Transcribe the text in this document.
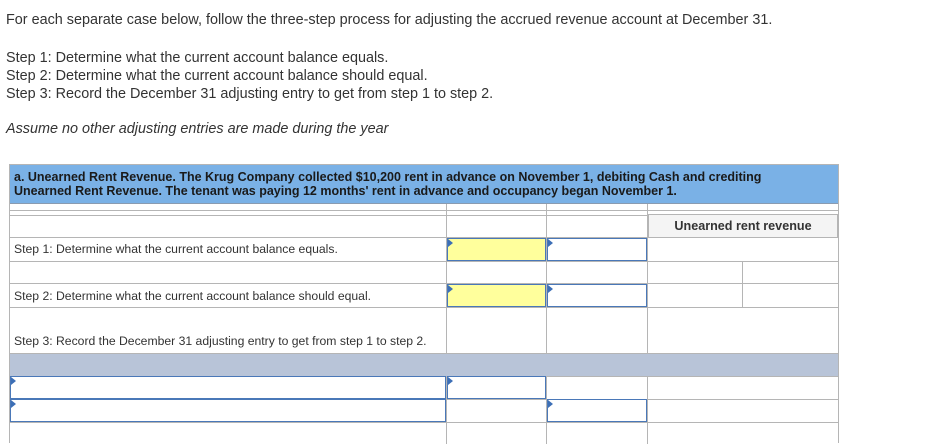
For each separate case below, follow the three-step process for adjusting the accrued revenue account at December 31.

Step 1: Determine what the current account balance equals.

Step 2: Determine what the current account balance should equal.

Step 3: Record the December 31 adjusting entry to get from step 1 to step 2.

Assume no other adjusting entries are made during the year

a. Unearned Rent Revenue. The Krug Company collected $10,200 rent in advance on November 1, debiting Cash and crediting
Unearned Rent Revenue. The tenant was paying 12 months' rent in advance and occupancy began November 1.
Unearned rent revenue
Step 1: Determine what the current account balance equals.
Step 2: Determine what the current account balance should equal.
Step 3: Record the December 31 adjusting entry to get from step 1 to step 2.
